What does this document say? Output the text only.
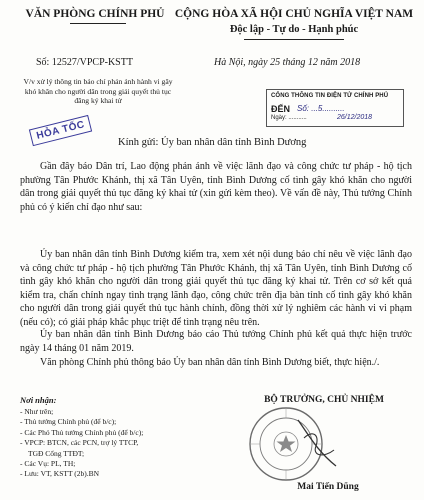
VĂN PHÒNG CHÍNH PHỦ CỘNG HÒA XÃ HỘI CHỦ NGHĨA VIỆT NAM
Độc lập - Tự do - Hạnh phúc
Số: 12527/VPCP-KSTT
V/v xử lý thông tin báo chí phản ánh hành vi gây khó khăn cho người dân trong giải quyết thủ tục đăng ký khai tử
Hà Nội, ngày 25 tháng 12 năm 2018
HỎA TỐC
CỔNG THÔNG TIN ĐIỆN TỬ CHÍNH PHỦ
ĐẾN Số: ...5..........
Ngày: ...........	26/12/2018
Kính gửi: Ủy ban nhân dân tỉnh Bình Dương
Gần đây báo Dân trí, Lao động phản ánh về việc lãnh đạo và công chức tư pháp - hộ tịch phường Tân Phước Khánh, thị xã Tân Uyên, tỉnh Bình Dương cố tình gây khó khăn cho người dân trong giải quyết thủ tục đăng ký khai tử (xin gửi kèm theo). Về vấn đề này, Thủ tướng Chính phủ có ý kiến chỉ đạo như sau:
Ủy ban nhân dân tỉnh Bình Dương kiểm tra, xem xét nội dung báo chí nêu về việc lãnh đạo và công chức tư pháp - hộ tịch phường Tân Phước Khánh, thị xã Tân Uyên, tỉnh Bình Dương cố tình gây khó khăn cho người dân trong giải quyết thủ tục đăng ký khai tử. Trên cơ sở kết quả kiểm tra, chấn chỉnh ngay tình trạng lãnh đạo, công chức trên địa bàn tỉnh cố tình gây khó khăn cho người dân trong giải quyết thủ tục hành chính, đồng thời xử lý nghiêm các hành vi vi phạm (nếu có); có giải pháp khắc phục triệt để tình trạng nêu trên.
Ủy ban nhân dân tỉnh Bình Dương báo cáo Thủ tướng Chính phủ kết quả thực hiện trước ngày 14 tháng 01 năm 2019.
Văn phòng Chính phủ thông báo Ủy ban nhân dân tỉnh Bình Dương biết, thực hiện./.
Nơi nhận:
- Như trên;
- Thủ tướng Chính phủ (để b/c);
- Các Phó Thủ tướng Chính phủ (để b/c);
- VPCP: BTCN, các PCN, trợ lý TTCP,
TGĐ Cổng TTĐT;
- Các Vụ: PL, TH;
- Lưu: VT, KSTT (2b).BN
BỘ TRƯỞNG, CHỦ NHIỆM
Mai Tiến Dũng
